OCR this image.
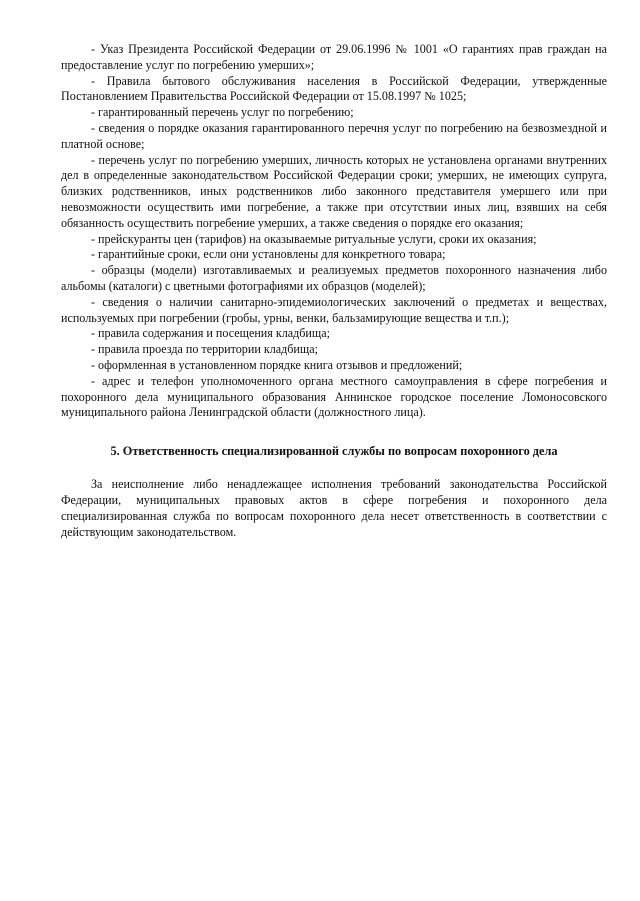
- Указ Президента Российской Федерации от 29.06.1996 № 1001 «О гарантиях прав граждан на предоставление услуг по погребению умерших»;

- Правила бытового обслуживания населения в Российской Федерации, утвержденные Постановлением Правительства Российской Федерации от 15.08.1997 № 1025;

- гарантированный перечень услуг по погребению;

- сведения о порядке оказания гарантированного перечня услуг по погребению на безвозмездной и платной основе;

- перечень услуг по погребению умерших, личность которых не установлена органами внутренних дел в определенные законодательством Российской Федерации сроки; умерших, не имеющих супруга, близких родственников, иных родственников либо законного представителя умершего или при невозможности осуществить ими погребение, а также при отсутствии иных лиц, взявших на себя обязанность осуществить погребение умерших, а также сведения о порядке его оказания;

- прейскуранты цен (тарифов) на оказываемые ритуальные услуги, сроки их оказания;

- гарантийные сроки, если они установлены для конкретного товара;

- образцы (модели) изготавливаемых и реализуемых предметов похоронного назначения либо альбомы (каталоги) с цветными фотографиями их образцов (моделей);

- сведения о наличии санитарно-эпидемиологических заключений о предметах и веществах, используемых при погребении (гробы, урны, венки, бальзамирующие вещества и т.п.);

- правила содержания и посещения кладбища;

- правила проезда по территории кладбища;

- оформленная в установленном порядке книга отзывов и предложений;

- адрес и телефон уполномоченного органа местного самоуправления в сфере погребения и похоронного дела муниципального образования Аннинское городское поселение Ломоносовского муниципального района Ленинградской области (должностного лица).

5. Ответственность специализированной службы по вопросам похоронного дела

За неисполнение либо ненадлежащее исполнения требований законодательства Российской Федерации, муниципальных правовых актов в сфере погребения и похоронного дела специализированная служба по вопросам похоронного дела несет ответственность в соответствии с действующим законодательством.
